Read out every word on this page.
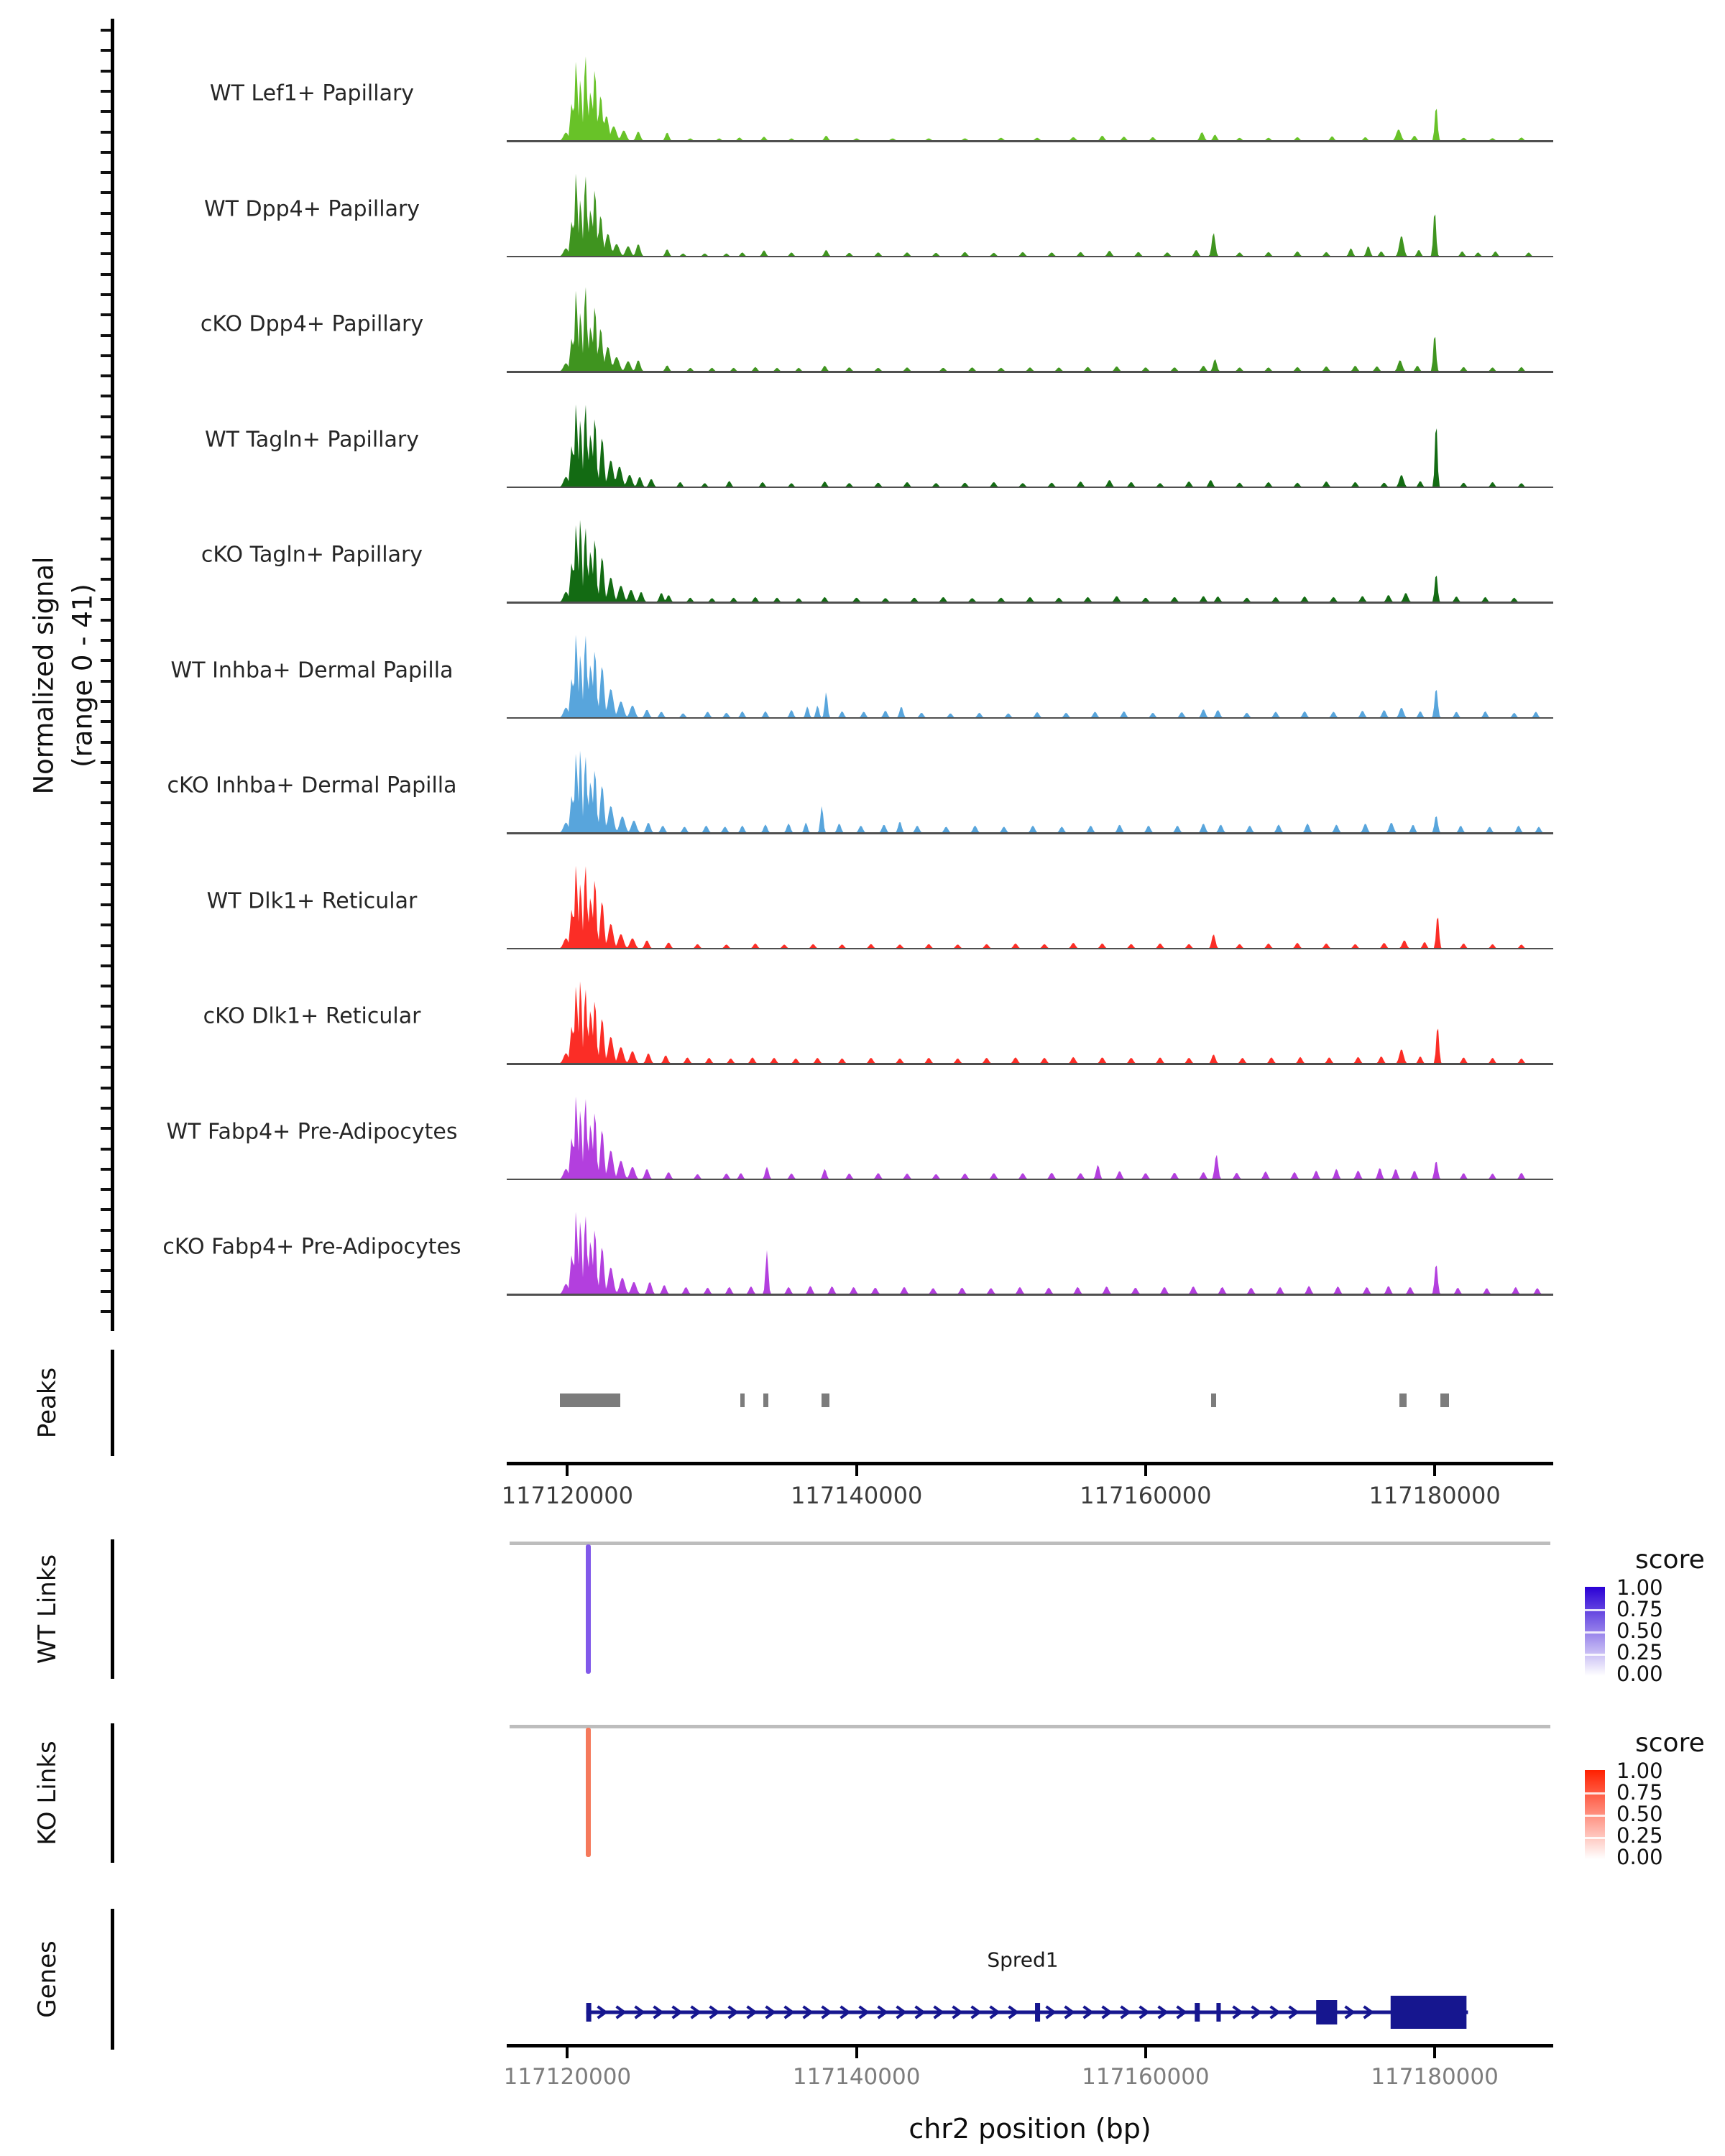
Normalized signal (range 0 - 41)
WT Lef1+ Papillary
WT Dpp4+ Papillary
cKO Dpp4+ Papillary
WT Tagln+ Papillary
cKO Tagln+ Papillary
WT Inhba+ Dermal Papilla
cKO Inhba+ Dermal Papilla
WT Dlk1+ Reticular
cKO Dlk1+ Reticular
WT Fabp4+ Pre-Adipocytes
cKO Fabp4+ Pre-Adipocytes
Peaks
117120000	117140000	117160000	117180000
WT Links	score
1.00
0.75
0.50
0.25
0.00
KO Links	score
1.00
0.75
0.50
0.25
0.00
Genes	Spred1
117120000	117140000	117160000	117180000
chr2 position (bp)
